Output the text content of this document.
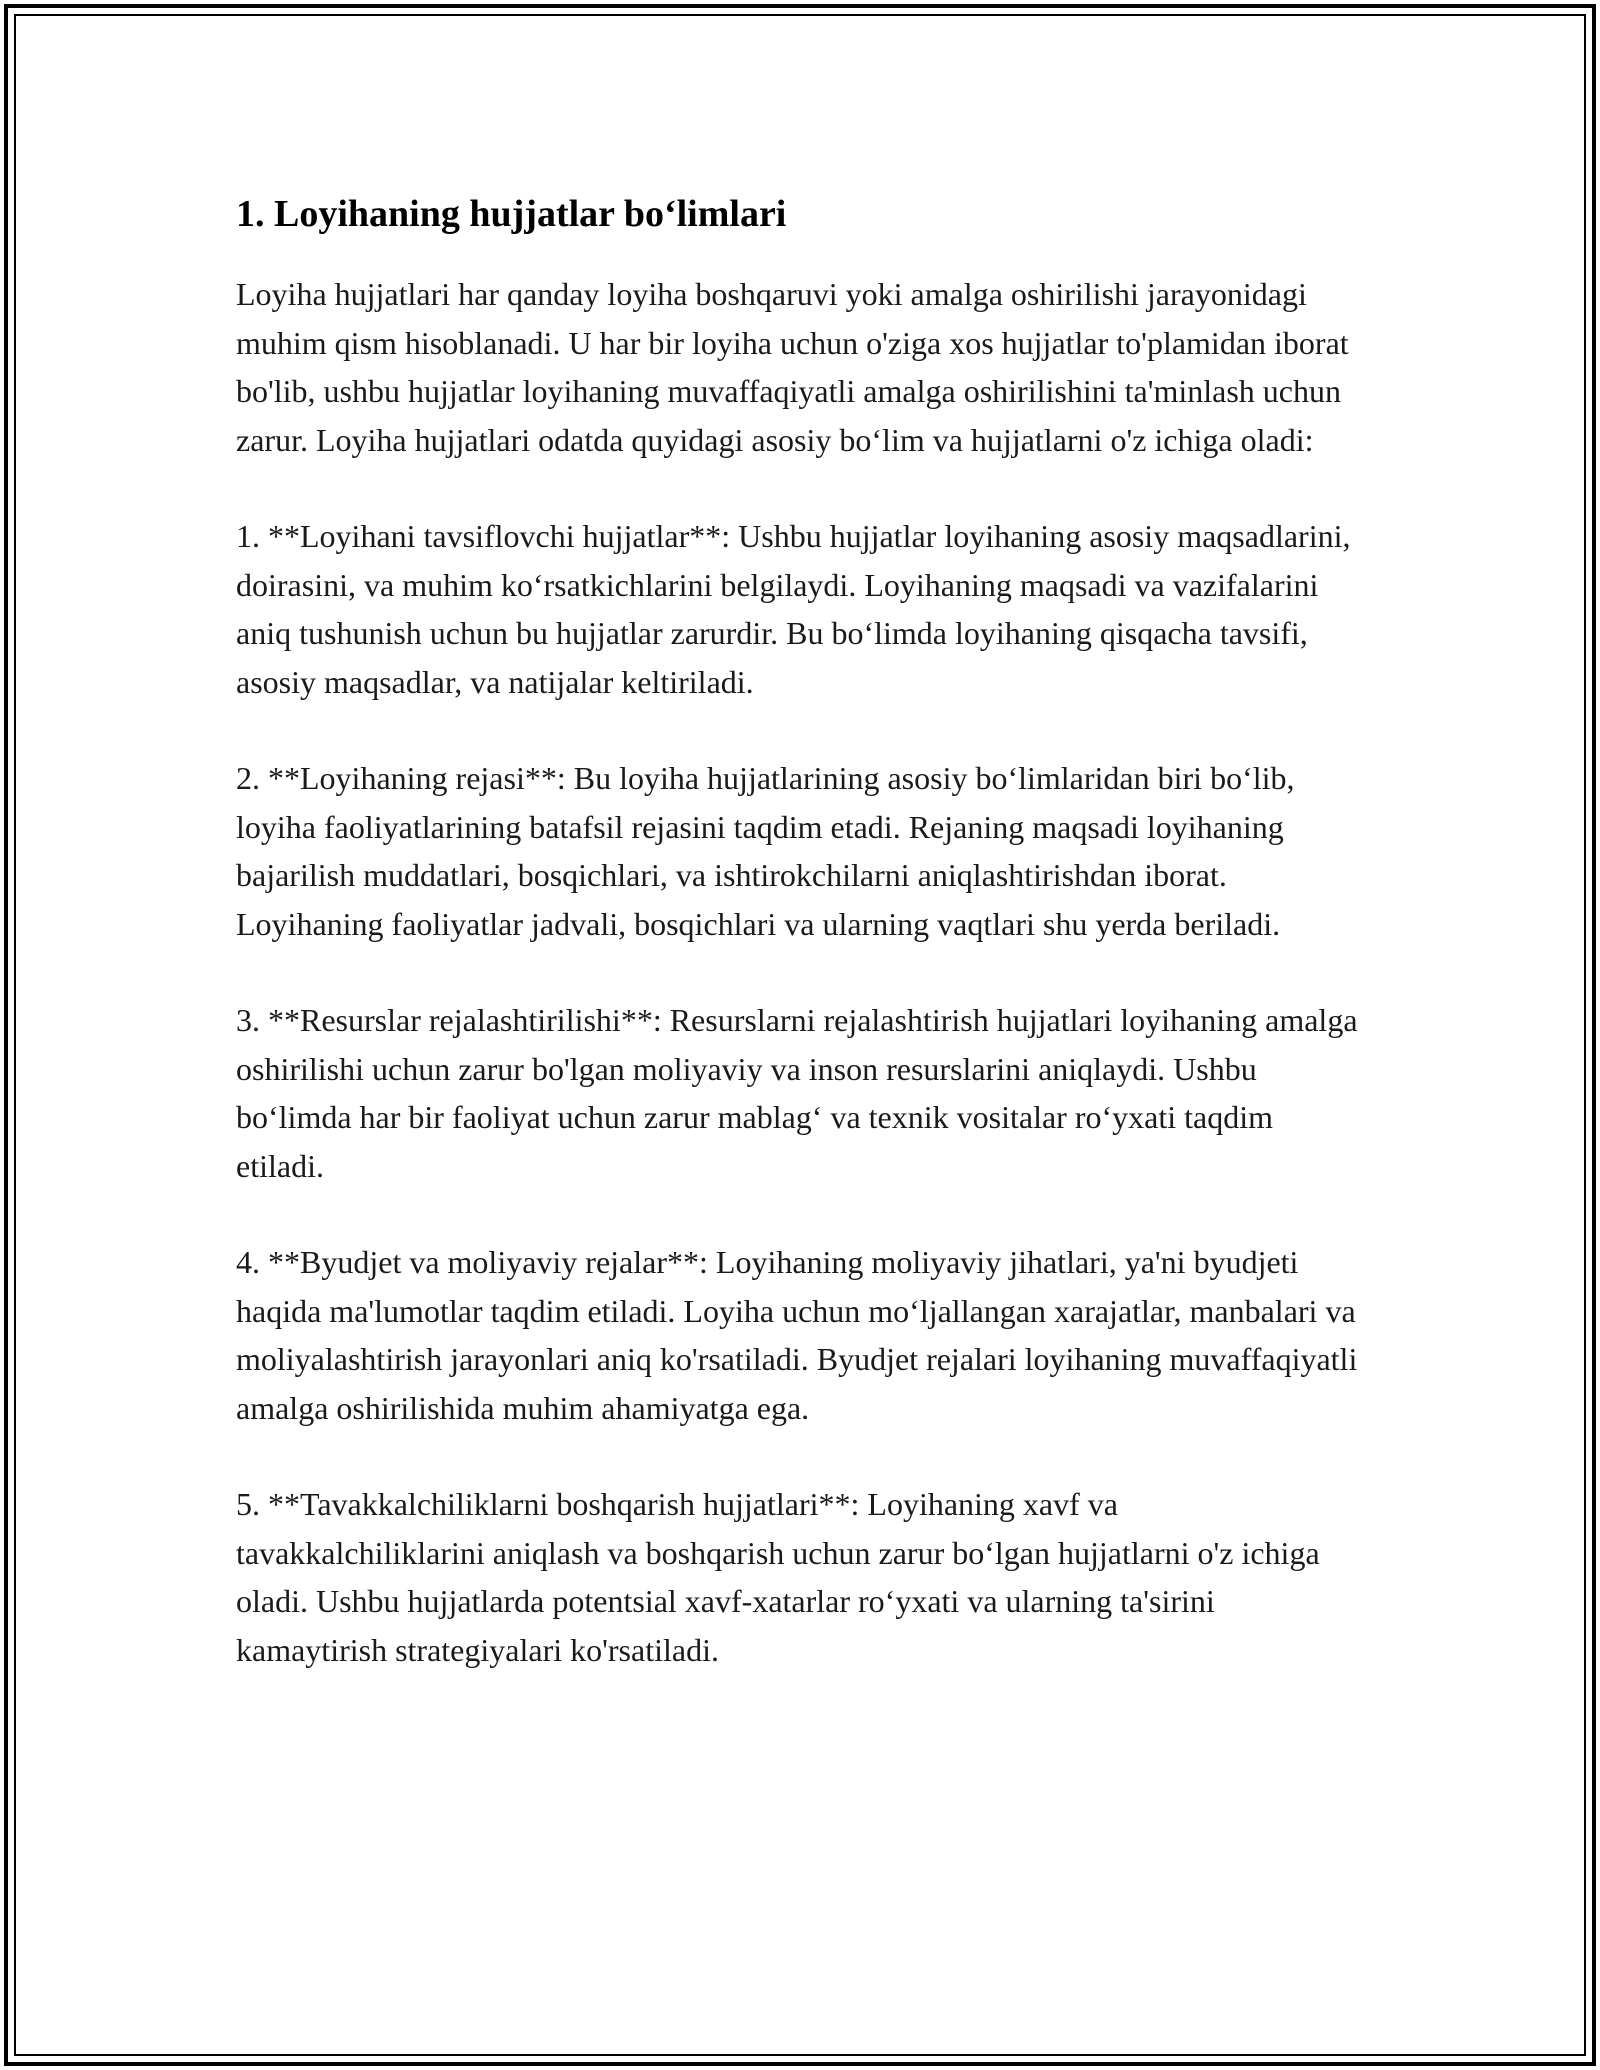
1. Loyihaning hujjatlar bo‘limlari

Loyiha hujjatlari har qanday loyiha boshqaruvi yoki amalga oshirilishi jarayonidagi muhim qism hisoblanadi. U har bir loyiha uchun o'ziga xos hujjatlar to'plamidan iborat bo'lib, ushbu hujjatlar loyihaning muvaffaqiyatli amalga oshirilishini ta'minlash uchun zarur. Loyiha hujjatlari odatda quyidagi asosiy bo‘lim va hujjatlarni o'z ichiga oladi:

1. **Loyihani tavsiflovchi hujjatlar**: Ushbu hujjatlar loyihaning asosiy maqsadlarini, doirasini, va muhim ko‘rsatkichlarini belgilaydi. Loyihaning maqsadi va vazifalarini aniq tushunish uchun bu hujjatlar zarurdir. Bu bo‘limda loyihaning qisqacha tavsifi, asosiy maqsadlar, va natijalar keltiriladi.

2. **Loyihaning rejasi**: Bu loyiha hujjatlarining asosiy bo‘limlaridan biri bo‘lib, loyiha faoliyatlarining batafsil rejasini taqdim etadi. Rejaning maqsadi loyihaning bajarilish muddatlari, bosqichlari, va ishtirokchilarni aniqlashtirishdan iborat. Loyihaning faoliyatlar jadvali, bosqichlari va ularning vaqtlari shu yerda beriladi.

3. **Resurslar rejalashtirilishi**: Resurslarni rejalashtirish hujjatlari loyihaning amalga oshirilishi uchun zarur bo'lgan moliyaviy va inson resurslarini aniqlaydi. Ushbu bo‘limda har bir faoliyat uchun zarur mablag‘ va texnik vositalar ro‘yxati taqdim etiladi.

4. **Byudjet va moliyaviy rejalar**: Loyihaning moliyaviy jihatlari, ya'ni byudjeti haqida ma'lumotlar taqdim etiladi. Loyiha uchun mo‘ljallangan xarajatlar, manbalari va moliyalashtirish jarayonlari aniq ko'rsatiladi. Byudjet rejalari loyihaning muvaffaqiyatli amalga oshirilishida muhim ahamiyatga ega.

5. **Tavakkalchiliklarni boshqarish hujjatlari**: Loyihaning xavf va tavakkalchiliklarini aniqlash va boshqarish uchun zarur bo‘lgan hujjatlarni o'z ichiga oladi. Ushbu hujjatlarda potentsial xavf-xatarlar ro‘yxati va ularning ta'sirini kamaytirish strategiyalari ko'rsatiladi.
